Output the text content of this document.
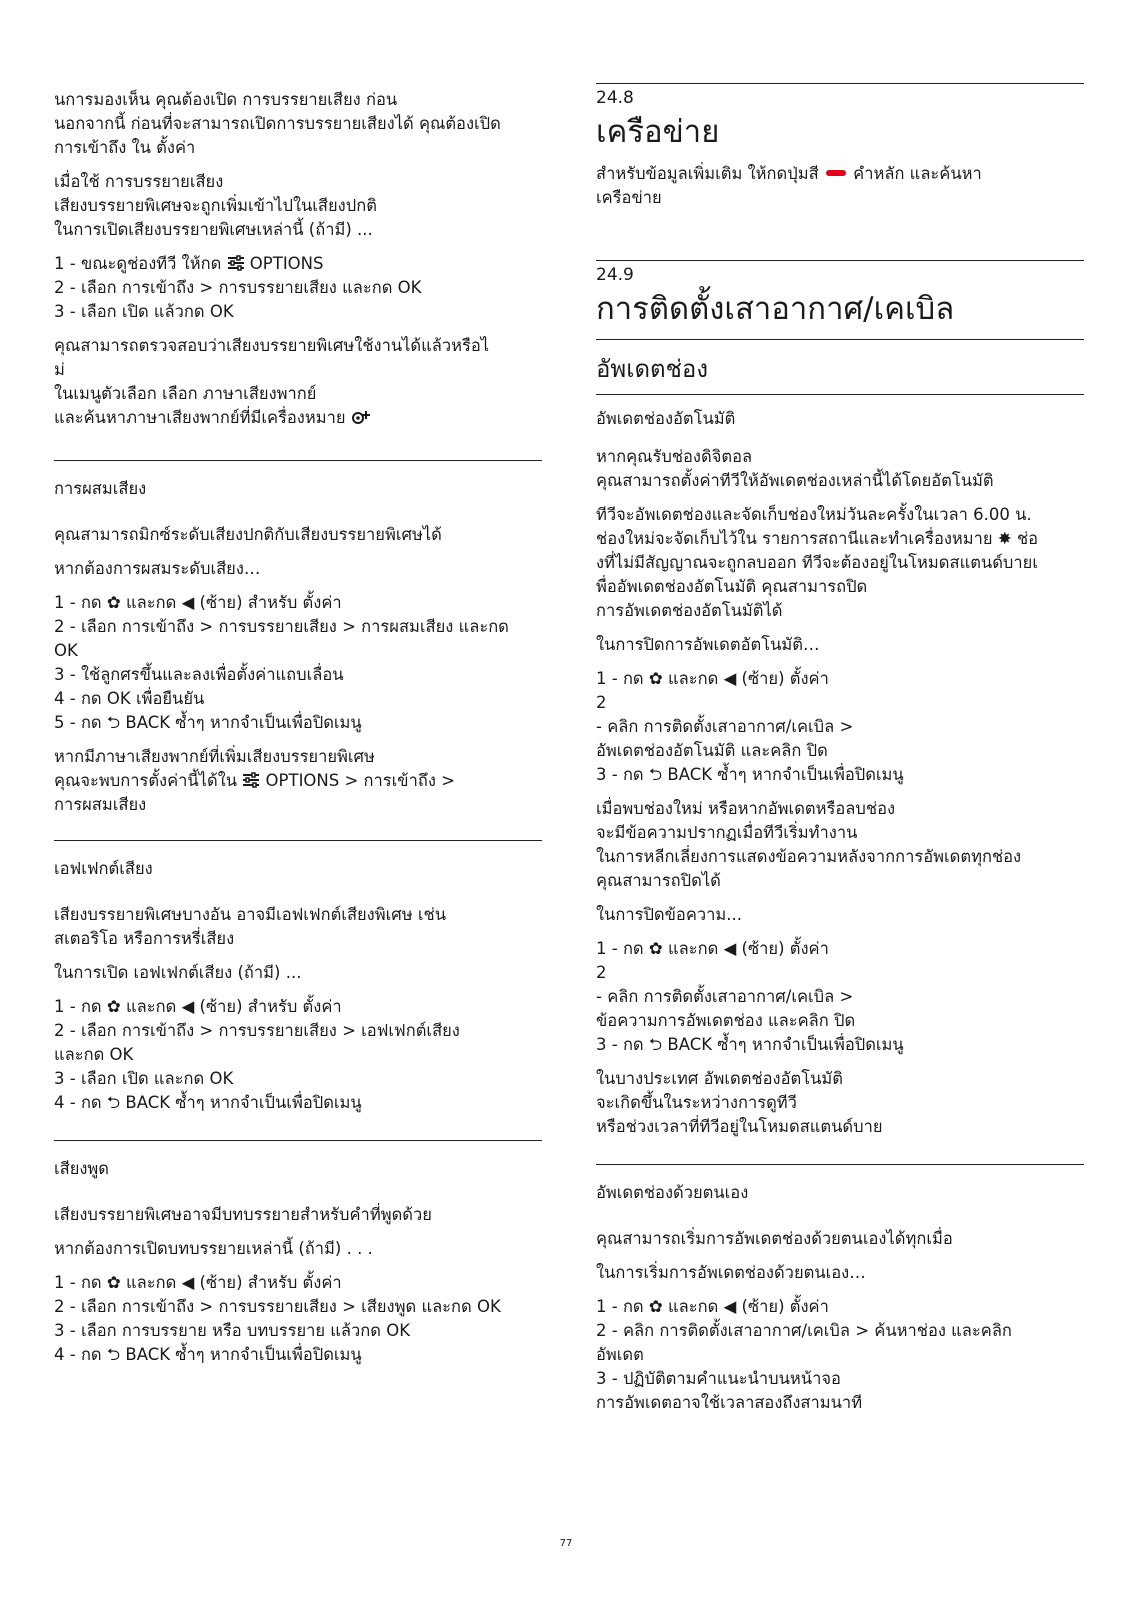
นการมองเห็น คุณต้องเปิด การบรรยายเสียง ก่อน
นอกจากนี้ ก่อนที่จะสามารถเปิดการบรรยายเสียงได้ คุณต้องเปิด
การเข้าถึง ใน ตั้งค่า

เมื่อใช้ การบรรยายเสียง
เสียงบรรยายพิเศษจะถูกเพิ่มเข้าไปในเสียงปกติ
ในการเปิดเสียงบรรยายพิเศษเหล่านี้ (ถ้ามี) ...

1 - ขณะดูช่องทีวี ให้กด OPTIONS
2 - เลือก การเข้าถึง > การบรรยายเสียง และกด OK
3 - เลือก เปิด แล้วกด OK

คุณสามารถตรวจสอบว่าเสียงบรรยายพิเศษใช้งานได้แล้วหรือไ
ม่
ในเมนูตัวเลือก เลือก ภาษาเสียงพากย์
และค้นหาภาษาเสียงพากย์ที่มีเครื่องหมาย

การผสมเสียง

คุณสามารถมิกซ์ระดับเสียงปกติกับเสียงบรรยายพิเศษได้

หากต้องการผสมระดับเสียง…

1 - กด ✿ และกด ◀ (ซ้าย) สำหรับ ตั้งค่า
2 - เลือก การเข้าถึง > การบรรยายเสียง > การผสมเสียง และกด
OK
3 - ใช้ลูกศรขึ้นและลงเพื่อตั้งค่าแถบเลื่อน
4 - กด OK เพื่อยืนยัน
5 - กด ⮌ BACK ซ้ำๆ หากจำเป็นเพื่อปิดเมนู

หากมีภาษาเสียงพากย์ที่เพิ่มเสียงบรรยายพิเศษ
คุณจะพบการตั้งค่านี้ได้ใน OPTIONS > การเข้าถึง >
การผสมเสียง

เอฟเฟกต์เสียง

เสียงบรรยายพิเศษบางอัน อาจมีเอฟเฟกต์เสียงพิเศษ เช่น
สเตอริโอ หรือการหรี่เสียง

ในการเปิด เอฟเฟกต์เสียง (ถ้ามี) ...

1 - กด ✿ และกด ◀ (ซ้าย) สำหรับ ตั้งค่า
2 - เลือก การเข้าถึง > การบรรยายเสียง > เอฟเฟกต์เสียง
และกด OK
3 - เลือก เปิด และกด OK
4 - กด ⮌ BACK ซ้ำๆ หากจำเป็นเพื่อปิดเมนู
เสียงพูด

เสียงบรรยายพิเศษอาจมีบทบรรยายสำหรับคำที่พูดด้วย

หากต้องการเปิดบทบรรยายเหล่านี้ (ถ้ามี) . . .

1 - กด ✿ และกด ◀ (ซ้าย) สำหรับ ตั้งค่า
2 - เลือก การเข้าถึง > การบรรยายเสียง > เสียงพูด และกด OK
3 - เลือก การบรรยาย หรือ บทบรรยาย แล้วกด OK
4 - กด ⮌ BACK ซ้ำๆ หากจำเป็นเพื่อปิดเมนู
24.8
เครือข่าย

สำหรับข้อมูลเพิ่มเติม ให้กดปุ่มสี คำหลัก และค้นหา
เครือข่าย

24.9
การติดตั้งเสาอากาศ/เคเบิล
อัพเดตช่อง
อัพเดตช่องอัตโนมัติ

หากคุณรับช่องดิจิตอล
คุณสามารถตั้งค่าทีวีให้อัพเดตช่องเหล่านี้ได้โดยอัตโนมัติ

ทีวีจะอัพเดตช่องและจัดเก็บช่องใหม่วันละครั้งในเวลา 6.00 น.
ช่องใหม่จะจัดเก็บไว้ใน รายการสถานีและทำเครื่องหมาย ✸ ช่อ
งที่ไม่มีสัญญาณจะถูกลบออก ทีวีจะต้องอยู่ในโหมดสแตนด์บายเ
พื่ออัพเดตช่องอัตโนมัติ คุณสามารถปิด
การอัพเดตช่องอัตโนมัติได้

ในการปิดการอัพเดตอัตโนมัติ…

1 - กด ✿ และกด ◀ (ซ้าย) ตั้งค่า
2
- คลิก การติดตั้งเสาอากาศ/เคเบิล >
อัพเดตช่องอัตโนมัติ และคลิก ปิด
3 - กด ⮌ BACK ซ้ำๆ หากจำเป็นเพื่อปิดเมนู

เมื่อพบช่องใหม่ หรือหากอัพเดตหรือลบช่อง
จะมีข้อความปรากฏเมื่อทีวีเริ่มทำงาน
ในการหลีกเลี่ยงการแสดงข้อความหลังจากการอัพเดตทุกช่อง
คุณสามารถปิดได้

ในการปิดข้อความ...

1 - กด ✿ และกด ◀ (ซ้าย) ตั้งค่า
2
- คลิก การติดตั้งเสาอากาศ/เคเบิล >
ข้อความการอัพเดตช่อง และคลิก ปิด
3 - กด ⮌ BACK ซ้ำๆ หากจำเป็นเพื่อปิดเมนู

ในบางประเทศ อัพเดตช่องอัตโนมัติ
จะเกิดขึ้นในระหว่างการดูทีวี
หรือช่วงเวลาที่ทีวีอยู่ในโหมดสแตนด์บาย

อัพเดตช่องด้วยตนเอง

คุณสามารถเริ่มการอัพเดตช่องด้วยตนเองได้ทุกเมื่อ

ในการเริ่มการอัพเดตช่องด้วยตนเอง…

1 - กด ✿ และกด ◀ (ซ้าย) ตั้งค่า
2 - คลิก การติดตั้งเสาอากาศ/เคเบิล > ค้นหาช่อง และคลิก
อัพเดต
3 - ปฏิบัติตามคำแนะนำบนหน้าจอ
การอัพเดตอาจใช้เวลาสองถึงสามนาที
77
